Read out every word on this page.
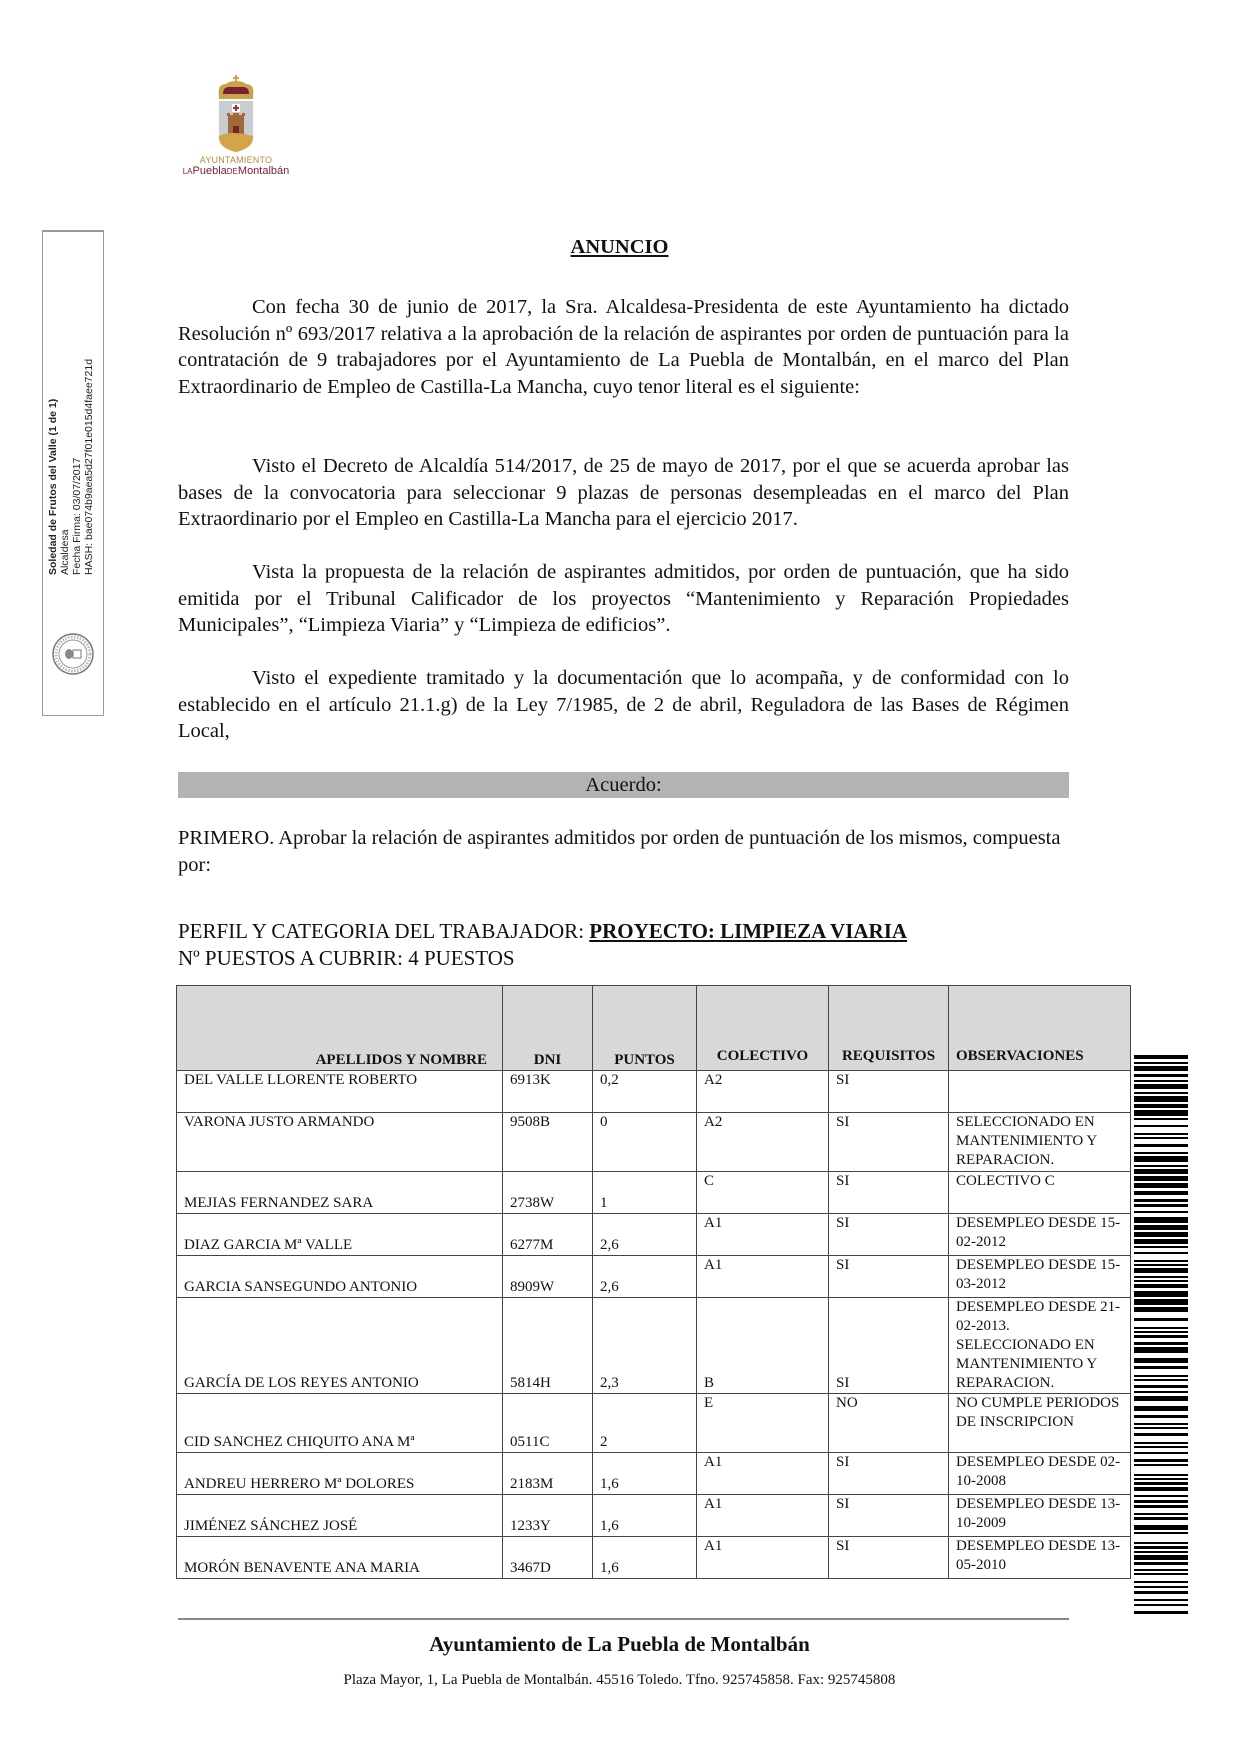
AYUNTAMIENTO
LAPueblaDEMontalbán
Soledad de Frutos del Valle (1 de 1) Alcaldesa Fecha Firma: 03/07/2017 HASH: bae074b9aea5d27f01e015d4faee721d
ANUNCIO

Con fecha 30 de junio de 2017, la Sra. Alcaldesa-Presidenta de este Ayuntamiento ha dictado Resolución nº 693/2017 relativa a la aprobación de la relación de aspirantes por orden de puntuación para la contratación de 9 trabajadores por el Ayuntamiento de La Puebla de Montalbán, en el marco del Plan Extraordinario de Empleo de Castilla-La Mancha, cuyo tenor literal es el siguiente:

Visto el Decreto de Alcaldía 514/2017, de 25 de mayo de 2017, por el que se acuerda aprobar las bases de la convocatoria para seleccionar 9 plazas de personas desempleadas en el marco del Plan Extraordinario por el Empleo en Castilla-La Mancha para el ejercicio 2017.

Vista la propuesta de la relación de aspirantes admitidos, por orden de puntuación, que ha sido emitida por el Tribunal Calificador de los proyectos “Mantenimiento y Reparación Propiedades Municipales”, “Limpieza Viaria” y “Limpieza de edificios”.

Visto el expediente tramitado y la documentación que lo acompaña, y de conformidad con lo establecido en el artículo 21.1.g) de la Ley 7/1985, de 2 de abril, Reguladora de las Bases de Régimen Local,

Acuerdo:

PRIMERO. Aprobar la relación de aspirantes admitidos por orden de puntuación de los mismos, compuesta por:

PERFIL Y CATEGORIA DEL TRABAJADOR: PROYECTO: LIMPIEZA VIARIA
Nº PUESTOS A CUBRIR: 4 PUESTOS
APELLIDOS Y NOMBRE	DNI	PUNTOS	COLECTIVO	REQUISITOS	OBSERVACIONES
DEL VALLE LLORENTE ROBERTO	6913K	0,2	A2	SI	
VARONA JUSTO ARMANDO	9508B	0	A2	SI	SELECCIONADO EN MANTENIMIENTO Y REPARACION.
MEJIAS FERNANDEZ SARA	2738W	1	C	SI	COLECTIVO C
DIAZ GARCIA Mª VALLE	6277M	2,6	A1	SI	DESEMPLEO DESDE 15-02-2012
GARCIA SANSEGUNDO ANTONIO	8909W	2,6	A1	SI	DESEMPLEO DESDE 15-03-2012
GARCÍA DE LOS REYES ANTONIO	5814H	2,3	B	SI	DESEMPLEO DESDE 21-02-2013. SELECCIONADO EN MANTENIMIENTO Y REPARACION.
CID SANCHEZ CHIQUITO ANA Mª	0511C	2	E	NO	NO CUMPLE PERIODOS DE INSCRIPCION
ANDREU HERRERO Mª DOLORES	2183M	1,6	A1	SI	DESEMPLEO DESDE 02-10-2008
JIMÉNEZ SÁNCHEZ JOSÉ	1233Y	1,6	A1	SI	DESEMPLEO DESDE 13-10-2009
MORÓN BENAVENTE ANA MARIA	3467D	1,6	A1	SI	DESEMPLEO DESDE 13-05-2010
Ayuntamiento de La Puebla de Montalbán
Plaza Mayor, 1, La Puebla de Montalbán. 45516 Toledo. Tfno. 925745858. Fax: 925745808
